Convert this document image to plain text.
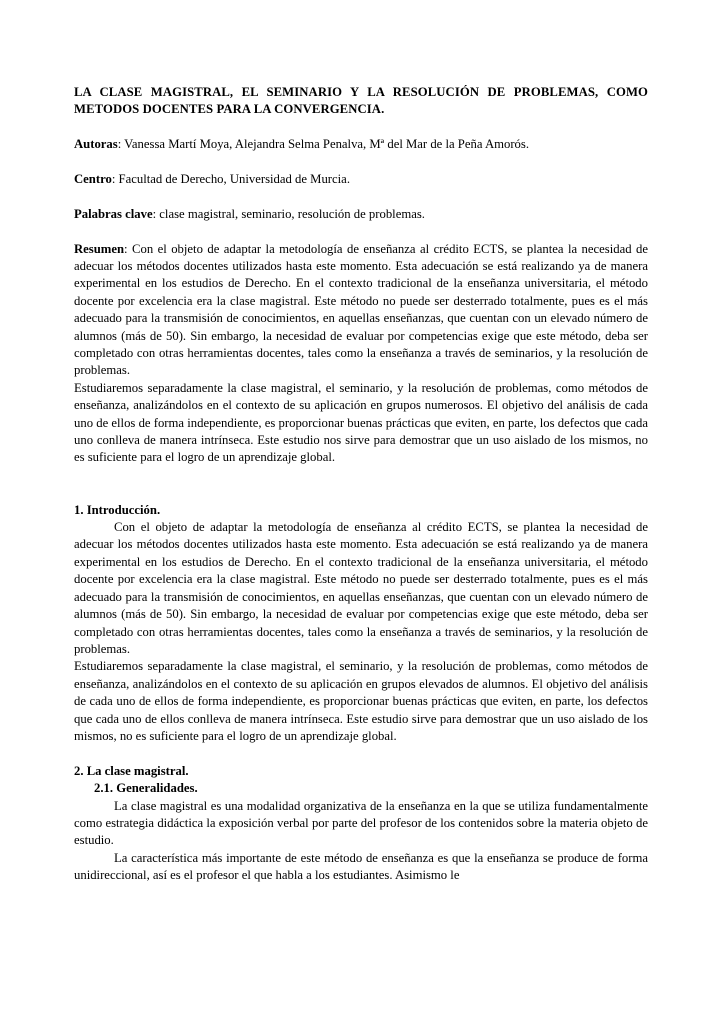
LA CLASE MAGISTRAL, EL SEMINARIO Y LA RESOLUCIÓN DE PROBLEMAS, COMO METODOS DOCENTES PARA LA CONVERGENCIA.

Autoras: Vanessa Martí Moya, Alejandra Selma Penalva, Mª del Mar de la Peña Amorós.

Centro: Facultad de Derecho, Universidad de Murcia.

Palabras clave: clase magistral, seminario, resolución de problemas.

Resumen: Con el objeto de adaptar la metodología de enseñanza al crédito ECTS, se plantea la necesidad de adecuar los métodos docentes utilizados hasta este momento. Esta adecuación se está realizando ya de manera experimental en los estudios de Derecho. En el contexto tradicional de la enseñanza universitaria, el método docente por excelencia era la clase magistral. Este método no puede ser desterrado totalmente, pues es el más adecuado para la transmisión de conocimientos, en aquellas enseñanzas, que cuentan con un elevado número de alumnos (más de 50). Sin embargo, la necesidad de evaluar por competencias exige que este método, deba ser completado con otras herramientas docentes, tales como la enseñanza a través de seminarios, y la resolución de problemas.

Estudiaremos separadamente la clase magistral, el seminario, y la resolución de problemas, como métodos de enseñanza, analizándolos en el contexto de su aplicación en grupos numerosos. El objetivo del análisis de cada uno de ellos de forma independiente, es proporcionar buenas prácticas que eviten, en parte, los defectos que cada uno conlleva de manera intrínseca. Este estudio nos sirve para demostrar que un uso aislado de los mismos, no es suficiente para el logro de un aprendizaje global.

1. Introducción.

Con el objeto de adaptar la metodología de enseñanza al crédito ECTS, se plantea la necesidad de adecuar los métodos docentes utilizados hasta este momento. Esta adecuación se está realizando ya de manera experimental en los estudios de Derecho. En el contexto tradicional de la enseñanza universitaria, el método docente por excelencia era la clase magistral. Este método no puede ser desterrado totalmente, pues es el más adecuado para la transmisión de conocimientos, en aquellas enseñanzas, que cuentan con un elevado número de alumnos (más de 50). Sin embargo, la necesidad de evaluar por competencias exige que este método, deba ser completado con otras herramientas docentes, tales como la enseñanza a través de seminarios, y la resolución de problemas.

Estudiaremos separadamente la clase magistral, el seminario, y la resolución de problemas, como métodos de enseñanza, analizándolos en el contexto de su aplicación en grupos elevados de alumnos. El objetivo del análisis de cada uno de ellos de forma independiente, es proporcionar buenas prácticas que eviten, en parte, los defectos que cada uno de ellos conlleva de manera intrínseca. Este estudio sirve para demostrar que un uso aislado de los mismos, no es suficiente para el logro de un aprendizaje global.

2. La clase magistral.
2.1. Generalidades.

La clase magistral es una modalidad organizativa de la enseñanza en la que se utiliza fundamentalmente como estrategia didáctica la exposición verbal por parte del profesor de los contenidos sobre la materia objeto de estudio.

La característica más importante de este método de enseñanza es que la enseñanza se produce de forma unidireccional, así es el profesor el que habla a los estudiantes. Asimismo le
